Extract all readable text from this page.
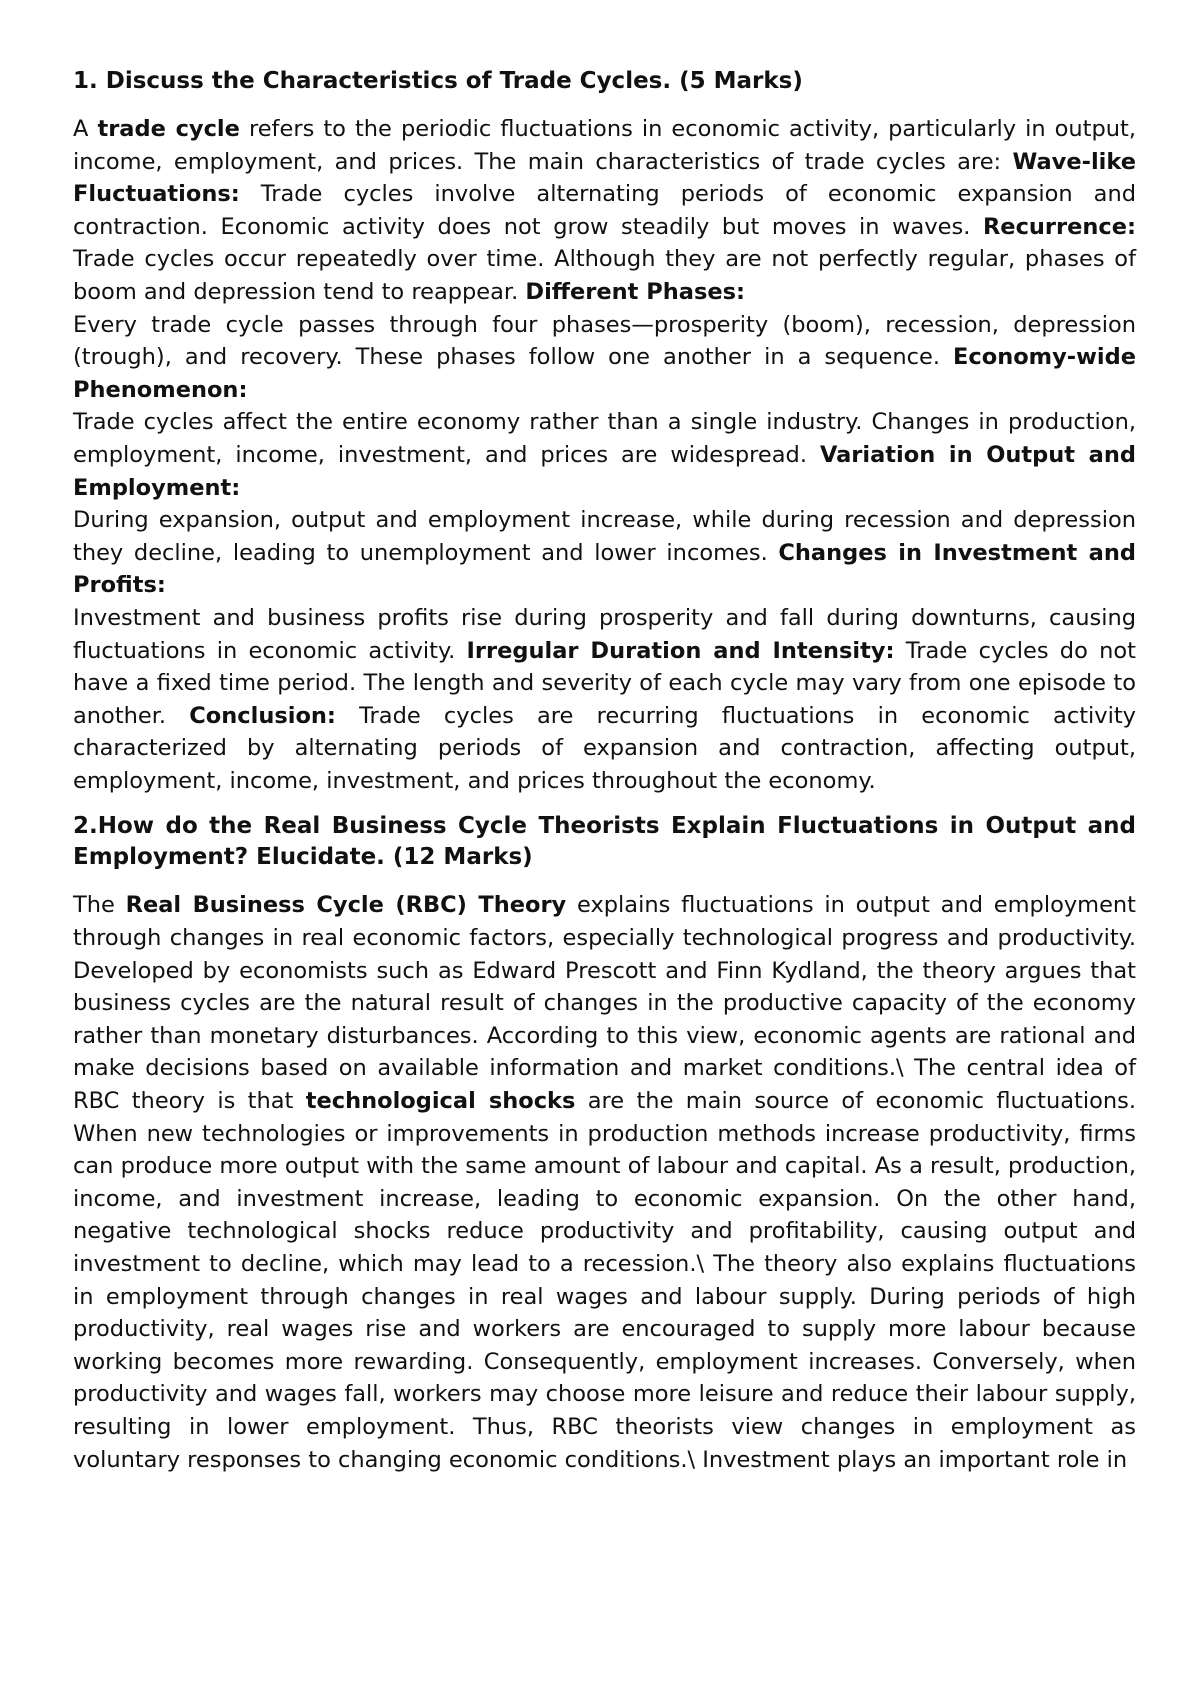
1. Discuss the Characteristics of Trade Cycles. (5 Marks)

A trade cycle refers to the periodic fluctuations in economic activity, particularly in output, income, employment, and prices. The main characteristics of trade cycles are: Wave-like Fluctuations: Trade cycles involve alternating periods of economic expansion and contraction. Economic activity does not grow steadily but moves in waves. Recurrence: Trade cycles occur repeatedly over time. Although they are not perfectly regular, phases of boom and depression tend to reappear. Different Phases:
Every trade cycle passes through four phases—prosperity (boom), recession, depression (trough), and recovery. These phases follow one another in a sequence. Economy-wide Phenomenon:
Trade cycles affect the entire economy rather than a single industry. Changes in production, employment, income, investment, and prices are widespread. Variation in Output and Employment:
During expansion, output and employment increase, while during recession and depression they decline, leading to unemployment and lower incomes. Changes in Investment and Profits:
Investment and business profits rise during prosperity and fall during downturns, causing fluctuations in economic activity. Irregular Duration and Intensity: Trade cycles do not have a fixed time period. The length and severity of each cycle may vary from one episode to another. Conclusion: Trade cycles are recurring fluctuations in economic activity characterized by alternating periods of expansion and contraction, affecting output, employment, income, investment, and prices throughout the economy.

2.How do the Real Business Cycle Theorists Explain Fluctuations in Output and Employment? Elucidate. (12 Marks)

The Real Business Cycle (RBC) Theory explains fluctuations in output and employment through changes in real economic factors, especially technological progress and productivity. Developed by economists such as Edward Prescott and Finn Kydland, the theory argues that business cycles are the natural result of changes in the productive capacity of the economy rather than monetary disturbances. According to this view, economic agents are rational and make decisions based on available information and market conditions.\ The central idea of RBC theory is that technological shocks are the main source of economic fluctuations. When new technologies or improvements in production methods increase productivity, firms can produce more output with the same amount of labour and capital. As a result, production, income, and investment increase, leading to economic expansion. On the other hand, negative technological shocks reduce productivity and profitability, causing output and investment to decline, which may lead to a recession.\ The theory also explains fluctuations in employment through changes in real wages and labour supply. During periods of high productivity, real wages rise and workers are encouraged to supply more labour because working becomes more rewarding. Consequently, employment increases. Conversely, when productivity and wages fall, workers may choose more leisure and reduce their labour supply, resulting in lower employment. Thus, RBC theorists view changes in employment as voluntary responses to changing economic conditions.\ Investment plays an important role in
